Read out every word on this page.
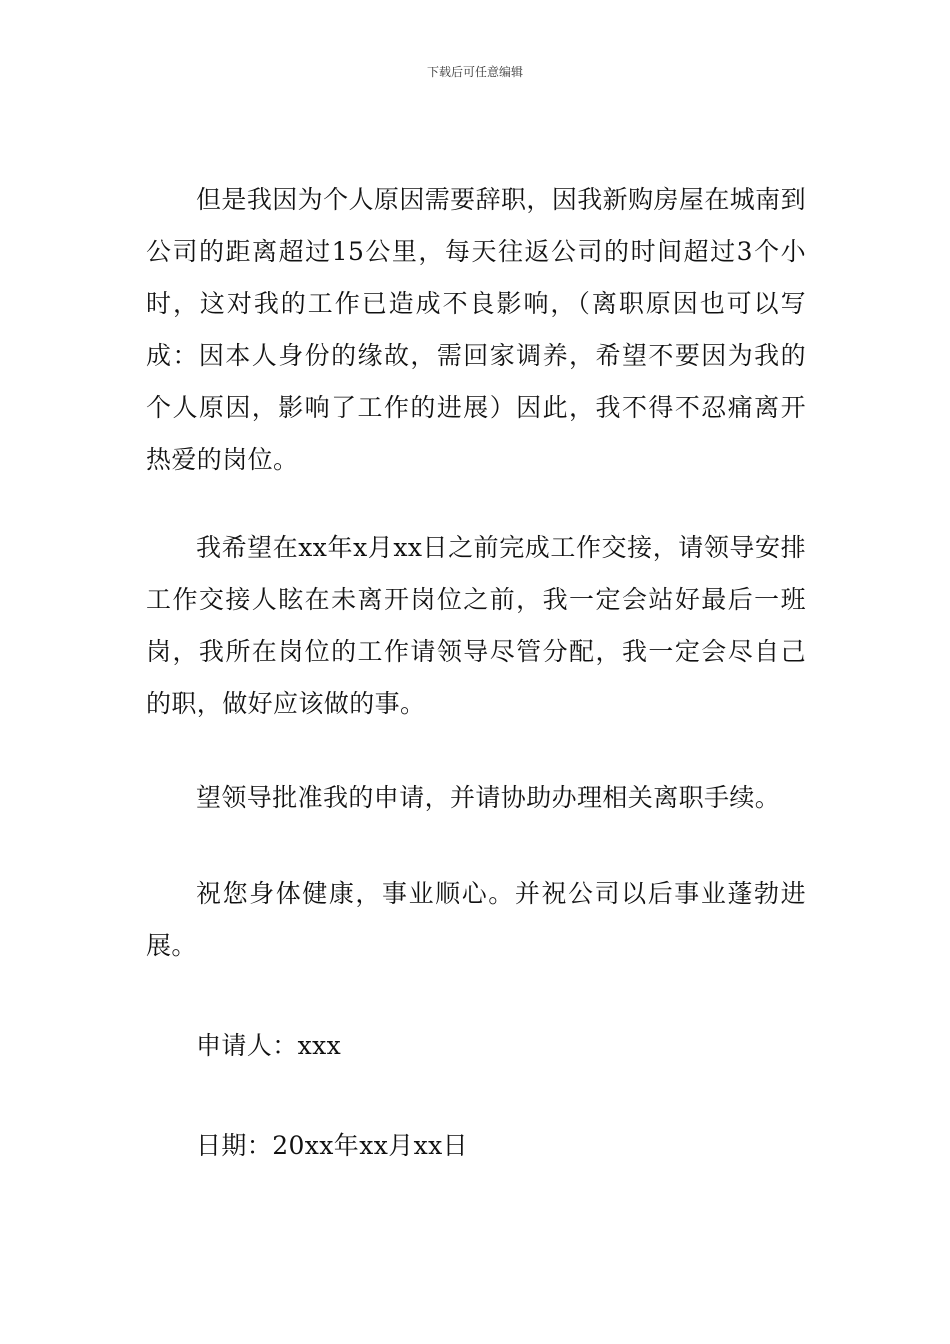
下载后可任意编辑

但是我因为个人原因需要辞职，因我新购房屋在城南到公司的距离超过15公里，每天往返公司的时间超过3个小时，这对我的工作已造成不良影响，（离职原因也可以写成：因本人身份的缘故，需回家调养，希望不要因为我的个人原因，影响了工作的进展）因此，我不得不忍痛离开热爱的岗位。

我希望在xx年x月xx日之前完成工作交接，请领导安排工作交接人眩在未离开岗位之前，我一定会站好最后一班岗，我所在岗位的工作请领导尽管分配，我一定会尽自己的职，做好应该做的事。

望领导批准我的申请，并请协助办理相关离职手续。

祝您身体健康，事业顺心。并祝公司以后事业蓬勃进展。

申请人：xxx

日期：20xx年xx月xx日
